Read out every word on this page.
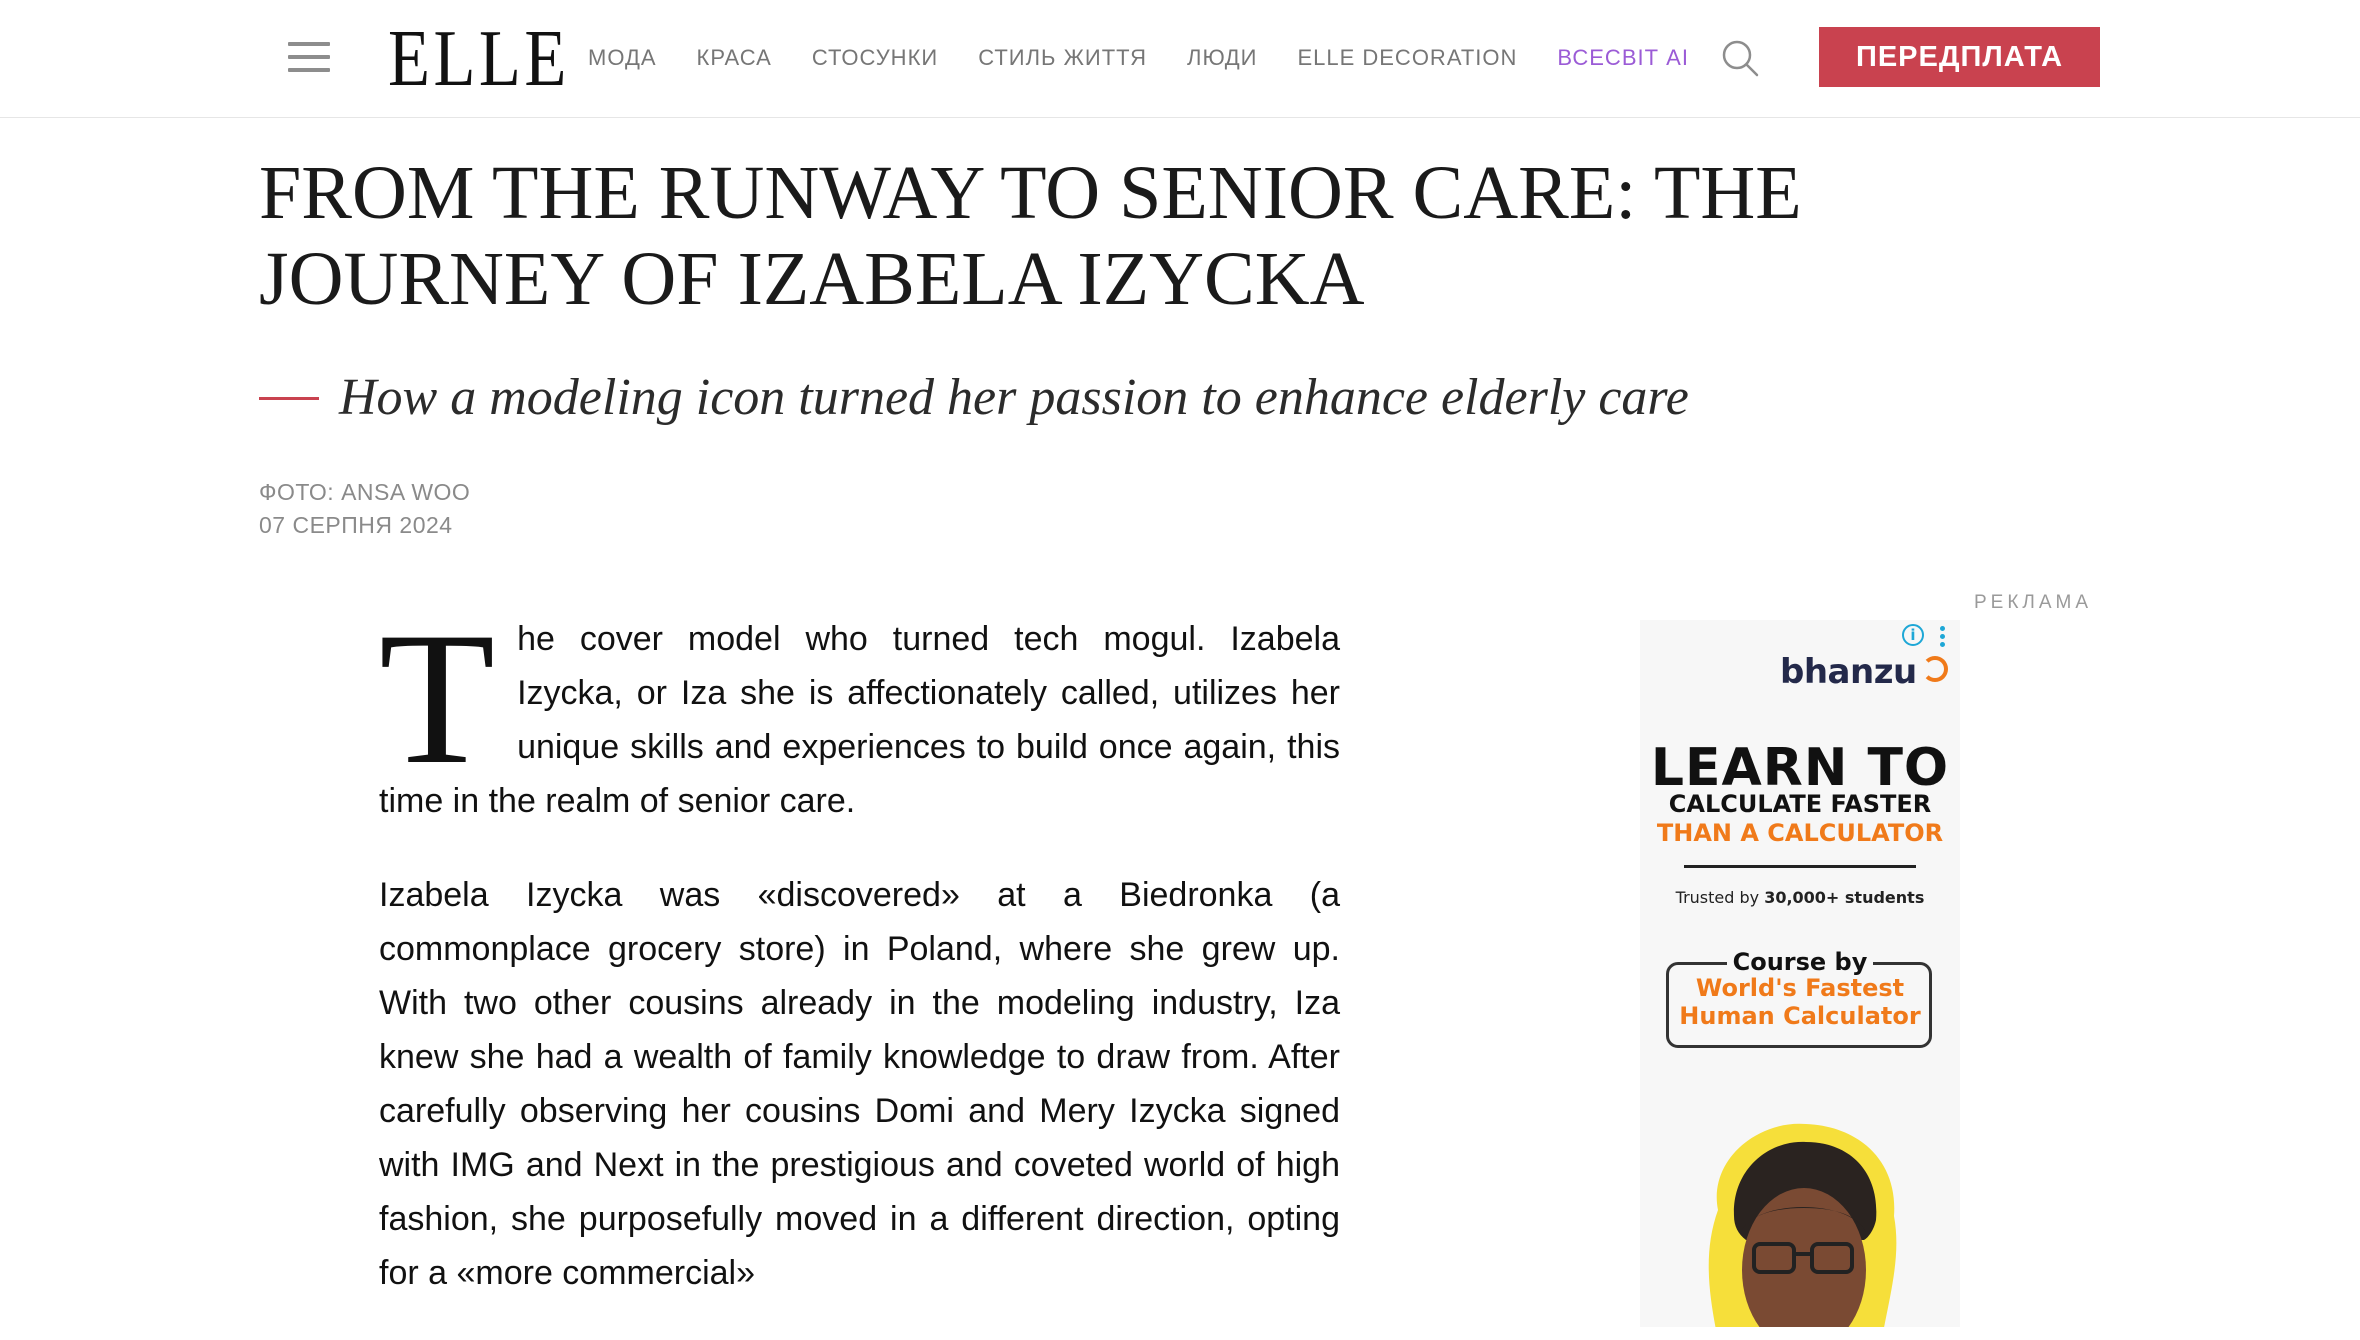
ELLE МОДА КРАСА СТОСУНКИ СТИЛЬ ЖИТТЯ ЛЮДИ ELLE DECORATION ВСЕСВІТ AI	ПЕРЕДПЛАТА
FROM THE RUNWAY TO SENIOR CARE: THE JOURNEY OF IZABELA IZYCKA
How a modeling icon turned her passion to enhance elderly care
ФОТО: ANSA WOO
07 СЕРПНЯ 2024

The cover model who turned tech mogul. Izabela Izycka, or Iza she is affectionately called, utilizes her unique skills and experiences to build once again, this time in the realm of senior care.

Izabela Izycka was «discovered» at a Biedronka (a commonplace grocery store) in Poland, where she grew up. With two other cousins already in the modeling industry, Iza knew she had a wealth of family knowledge to draw from. After carefully observing her cousins Domi and Mery Izycka signed with IMG and Next in the prestigious and coveted world of high fashion, she purposefully moved in a different direction, opting for a «more commercial»

РЕКЛАМА
i
bhanzu
LEARN TO
CALCULATE FASTER
THAN A CALCULATOR
Trusted by 30,000+ students
Course by
World's Fastest
Human Calculator
